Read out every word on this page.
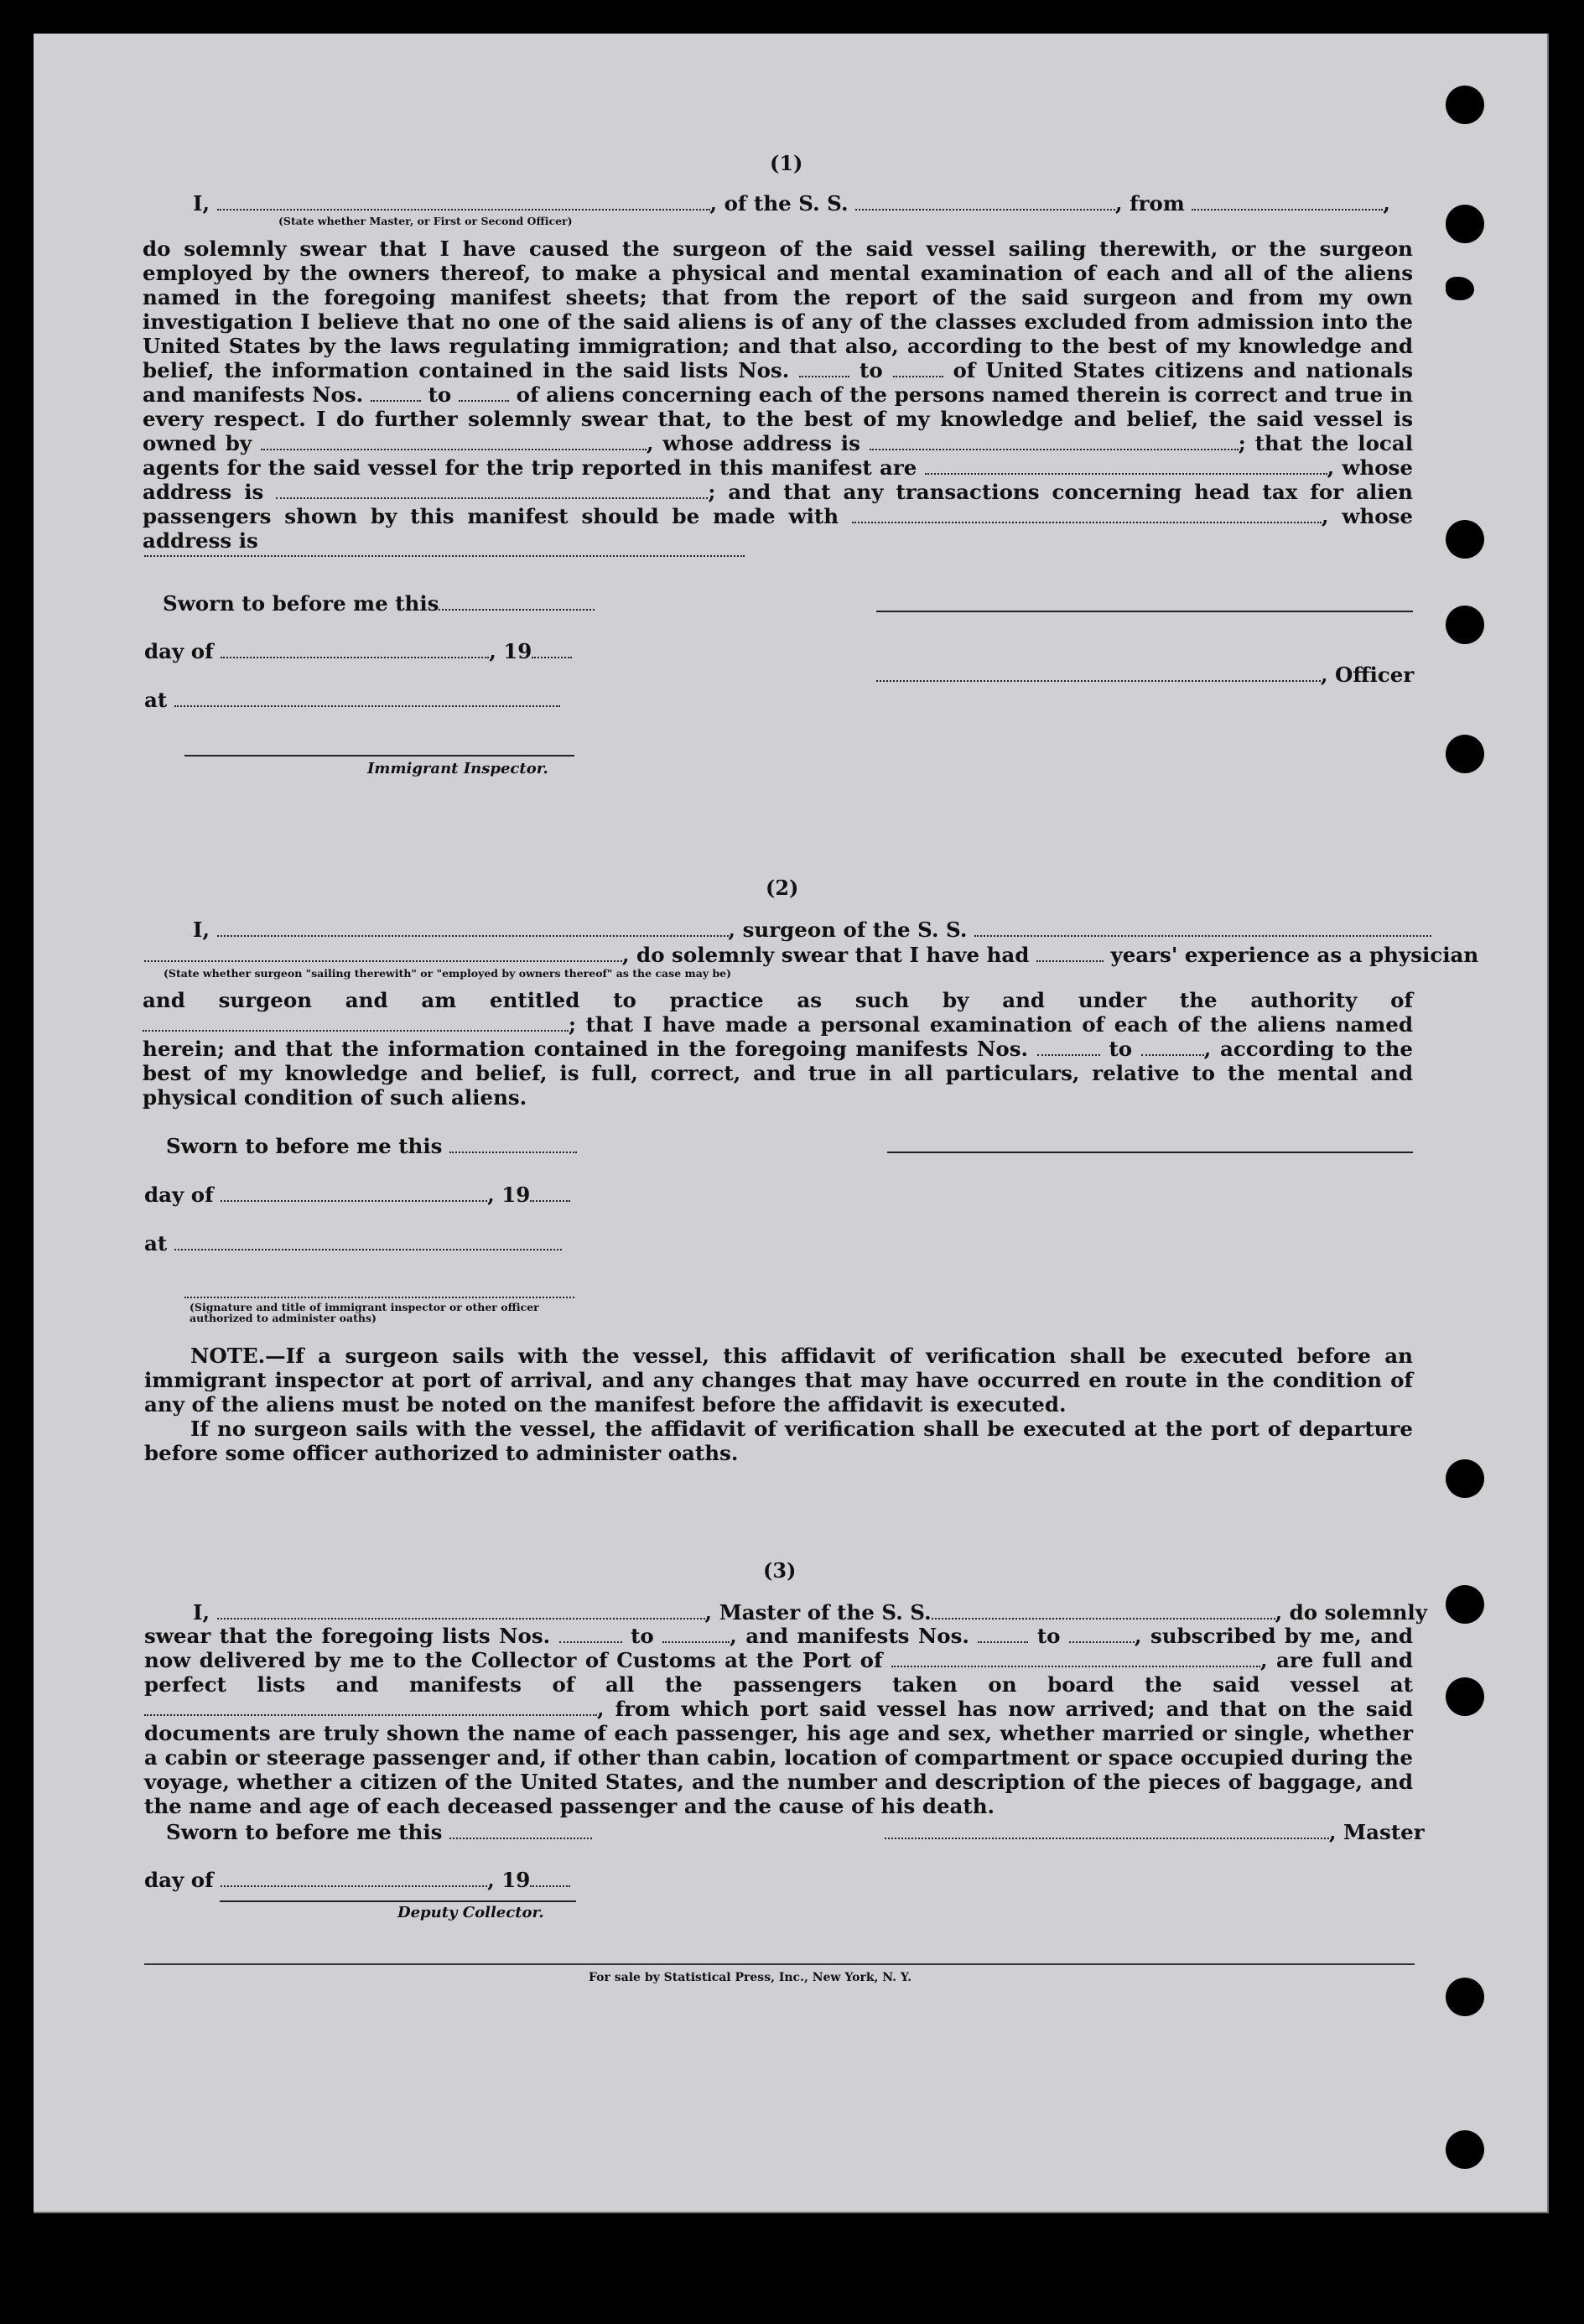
(1)
I,	, of the S. S.	, from	,
(State whether Master, or First or Second Officer)

do solemnly swear that I have caused the surgeon of the said vessel sailing therewith, or the surgeon employed by the owners thereof, to make a physical and mental examination of each and all of the aliens named in the foregoing manifest sheets; that from the report of the said surgeon and from my own investigation I believe that no one of the said aliens is of any of the classes excluded from admission into the United States by the laws regulating immigration; and that also, according to the best of my knowledge and belief, the information contained in the said lists Nos.	to	of United States citizens and nationals and manifests Nos.	to	of aliens concerning each of the persons named therein is correct and true in every respect. I do further solemnly swear that, to the best of my knowledge and belief, the said vessel is owned by	, whose address is	; that the local agents for the said vessel for the trip reported in this manifest are	, whose address is	; and that any transactions concerning head tax for alien passengers shown by this manifest should be made with	, whose address is

Sworn to before me this
day of	, 19
, Officer
at
Immigrant Inspector.
(2)
I,	, surgeon of the S. S.
, do solemnly swear that I have had	years' experience as a physician
(State whether surgeon "sailing therewith" or "employed by owners thereof" as the case may be)

and surgeon and am entitled to practice as such by and under the authority of ; that I have made a personal examination of each of the aliens named herein; and that the information contained in the foregoing manifests Nos.	to	, according to the best of my knowledge and belief, is full, correct, and true in all particulars, relative to the mental and physical condition of such aliens.

Sworn to before me this
day of	, 19
at
(Signature and title of immigrant inspector or other officer authorized to administer oaths)

NOTE.—If a surgeon sails with the vessel, this affidavit of verification shall be executed before an immigrant inspector at port of arrival, and any changes that may have occurred en route in the condition of any of the aliens must be noted on the manifest before the affidavit is executed.

If no surgeon sails with the vessel, the affidavit of verification shall be executed at the port of departure before some officer authorized to administer oaths.

(3)
I,	, Master of the S. S.	, do solemnly

swear that the foregoing lists Nos.	to	, and manifests Nos.	to	, subscribed by me, and now delivered by me to the Collector of Customs at the Port of	, are full and perfect lists and manifests of all the passengers taken on board the said vessel at , from which port said vessel has now arrived; and that on the said documents are truly shown the name of each passenger, his age and sex, whether married or single, whether a cabin or steerage passenger and, if other than cabin, location of compartment or space occupied during the voyage, whether a citizen of the United States, and the number and description of the pieces of baggage, and the name and age of each deceased passenger and the cause of his death.

Sworn to before me this	, Master
day of	, 19
Deputy Collector.
For sale by Statistical Press, Inc., New York, N. Y.
